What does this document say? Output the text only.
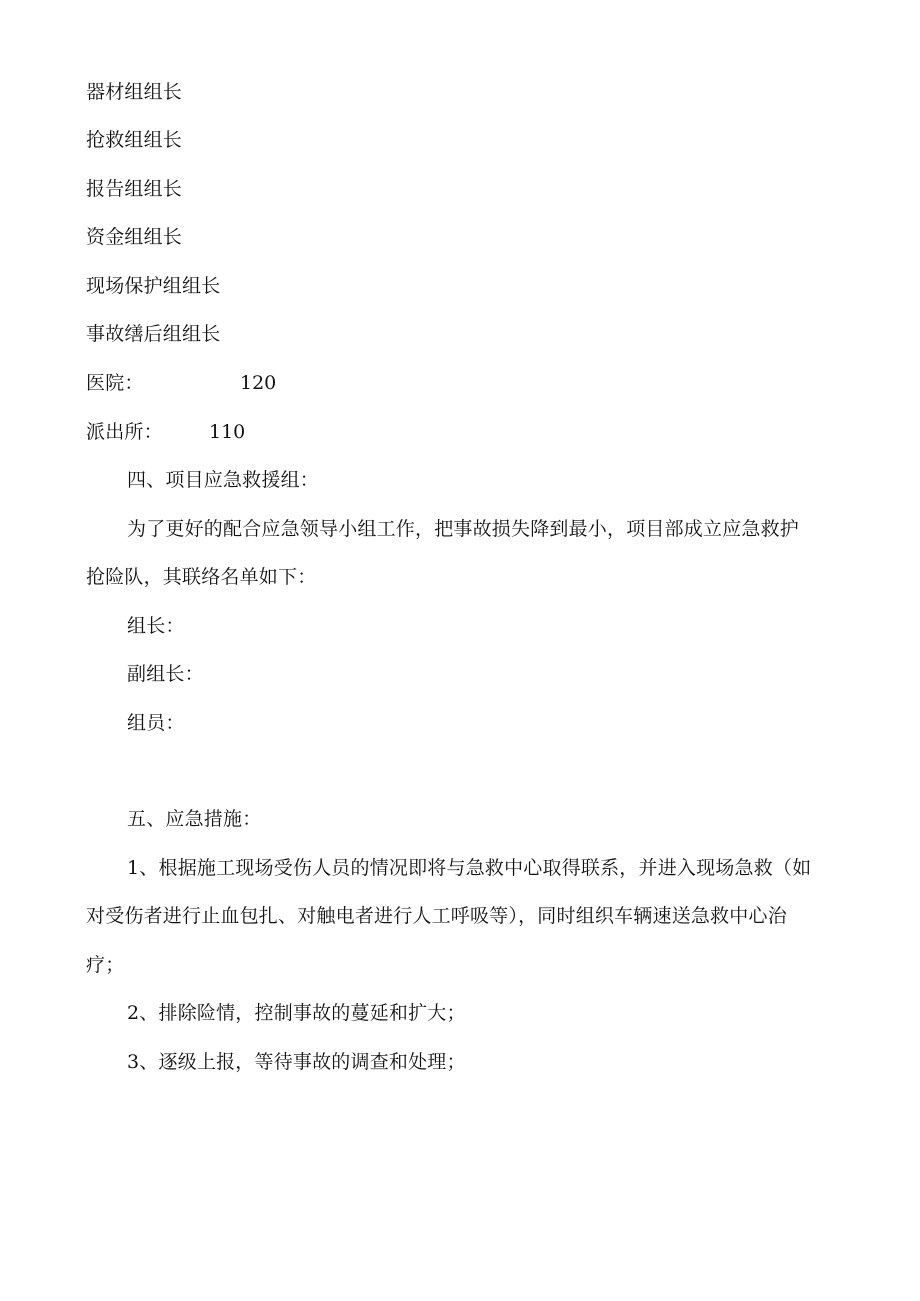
器材组组长
抢救组组长
报告组组长
资金组组长
现场保护组组长
事故缮后组组长
医院：	120
派出所： 110
四、项目应急救援组：
为了更好的配合应急领导小组工作，把事故损失降到最小，项目部成立应急救护
抢险队，其联络名单如下：
组长：
副组长：
组员：
五、应急措施：
1、根据施工现场受伤人员的情况即将与急救中心取得联系，并进入现场急救（如
对受伤者进行止血包扎、对触电者进行人工呼吸等），同时组织车辆速送急救中心治
疗；
2、排除险情，控制事故的蔓延和扩大；
3、逐级上报，等待事故的调查和处理；
